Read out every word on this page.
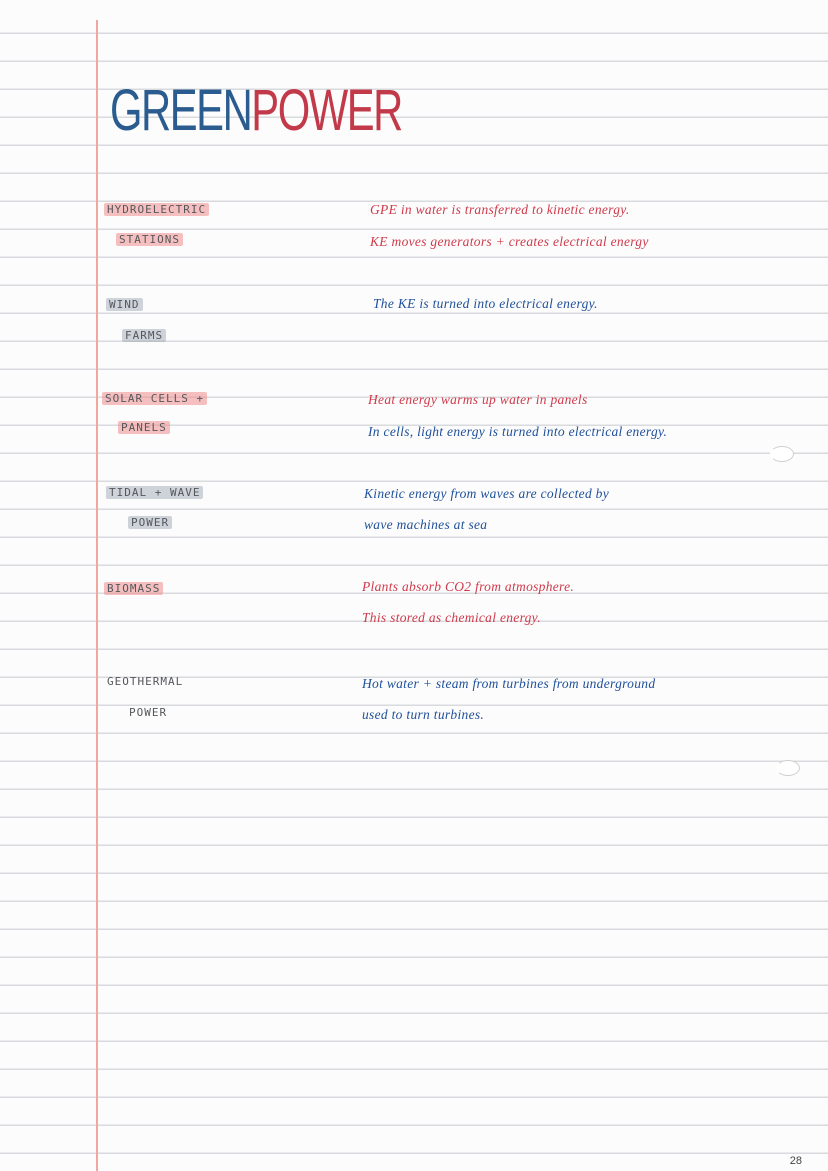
GREENPOWER
HYDROELECTRIC
STATIONS
GPE in water is transferred to kinetic energy.
KE moves generators + creates electrical energy
WIND
FARMS
The KE is turned into electrical energy.
SOLAR CELLS +
PANELS
Heat energy warms up water in panels
In cells, light energy is turned into electrical energy.
TIDAL + WAVE
POWER
Kinetic energy from waves are collected by
wave machines at sea
BIOMASS	Plants absorb CO2 from atmosphere.
This stored as chemical energy.
GEOTHERMAL
POWER
Hot water + steam from turbines from underground
used to turn turbines.
28
